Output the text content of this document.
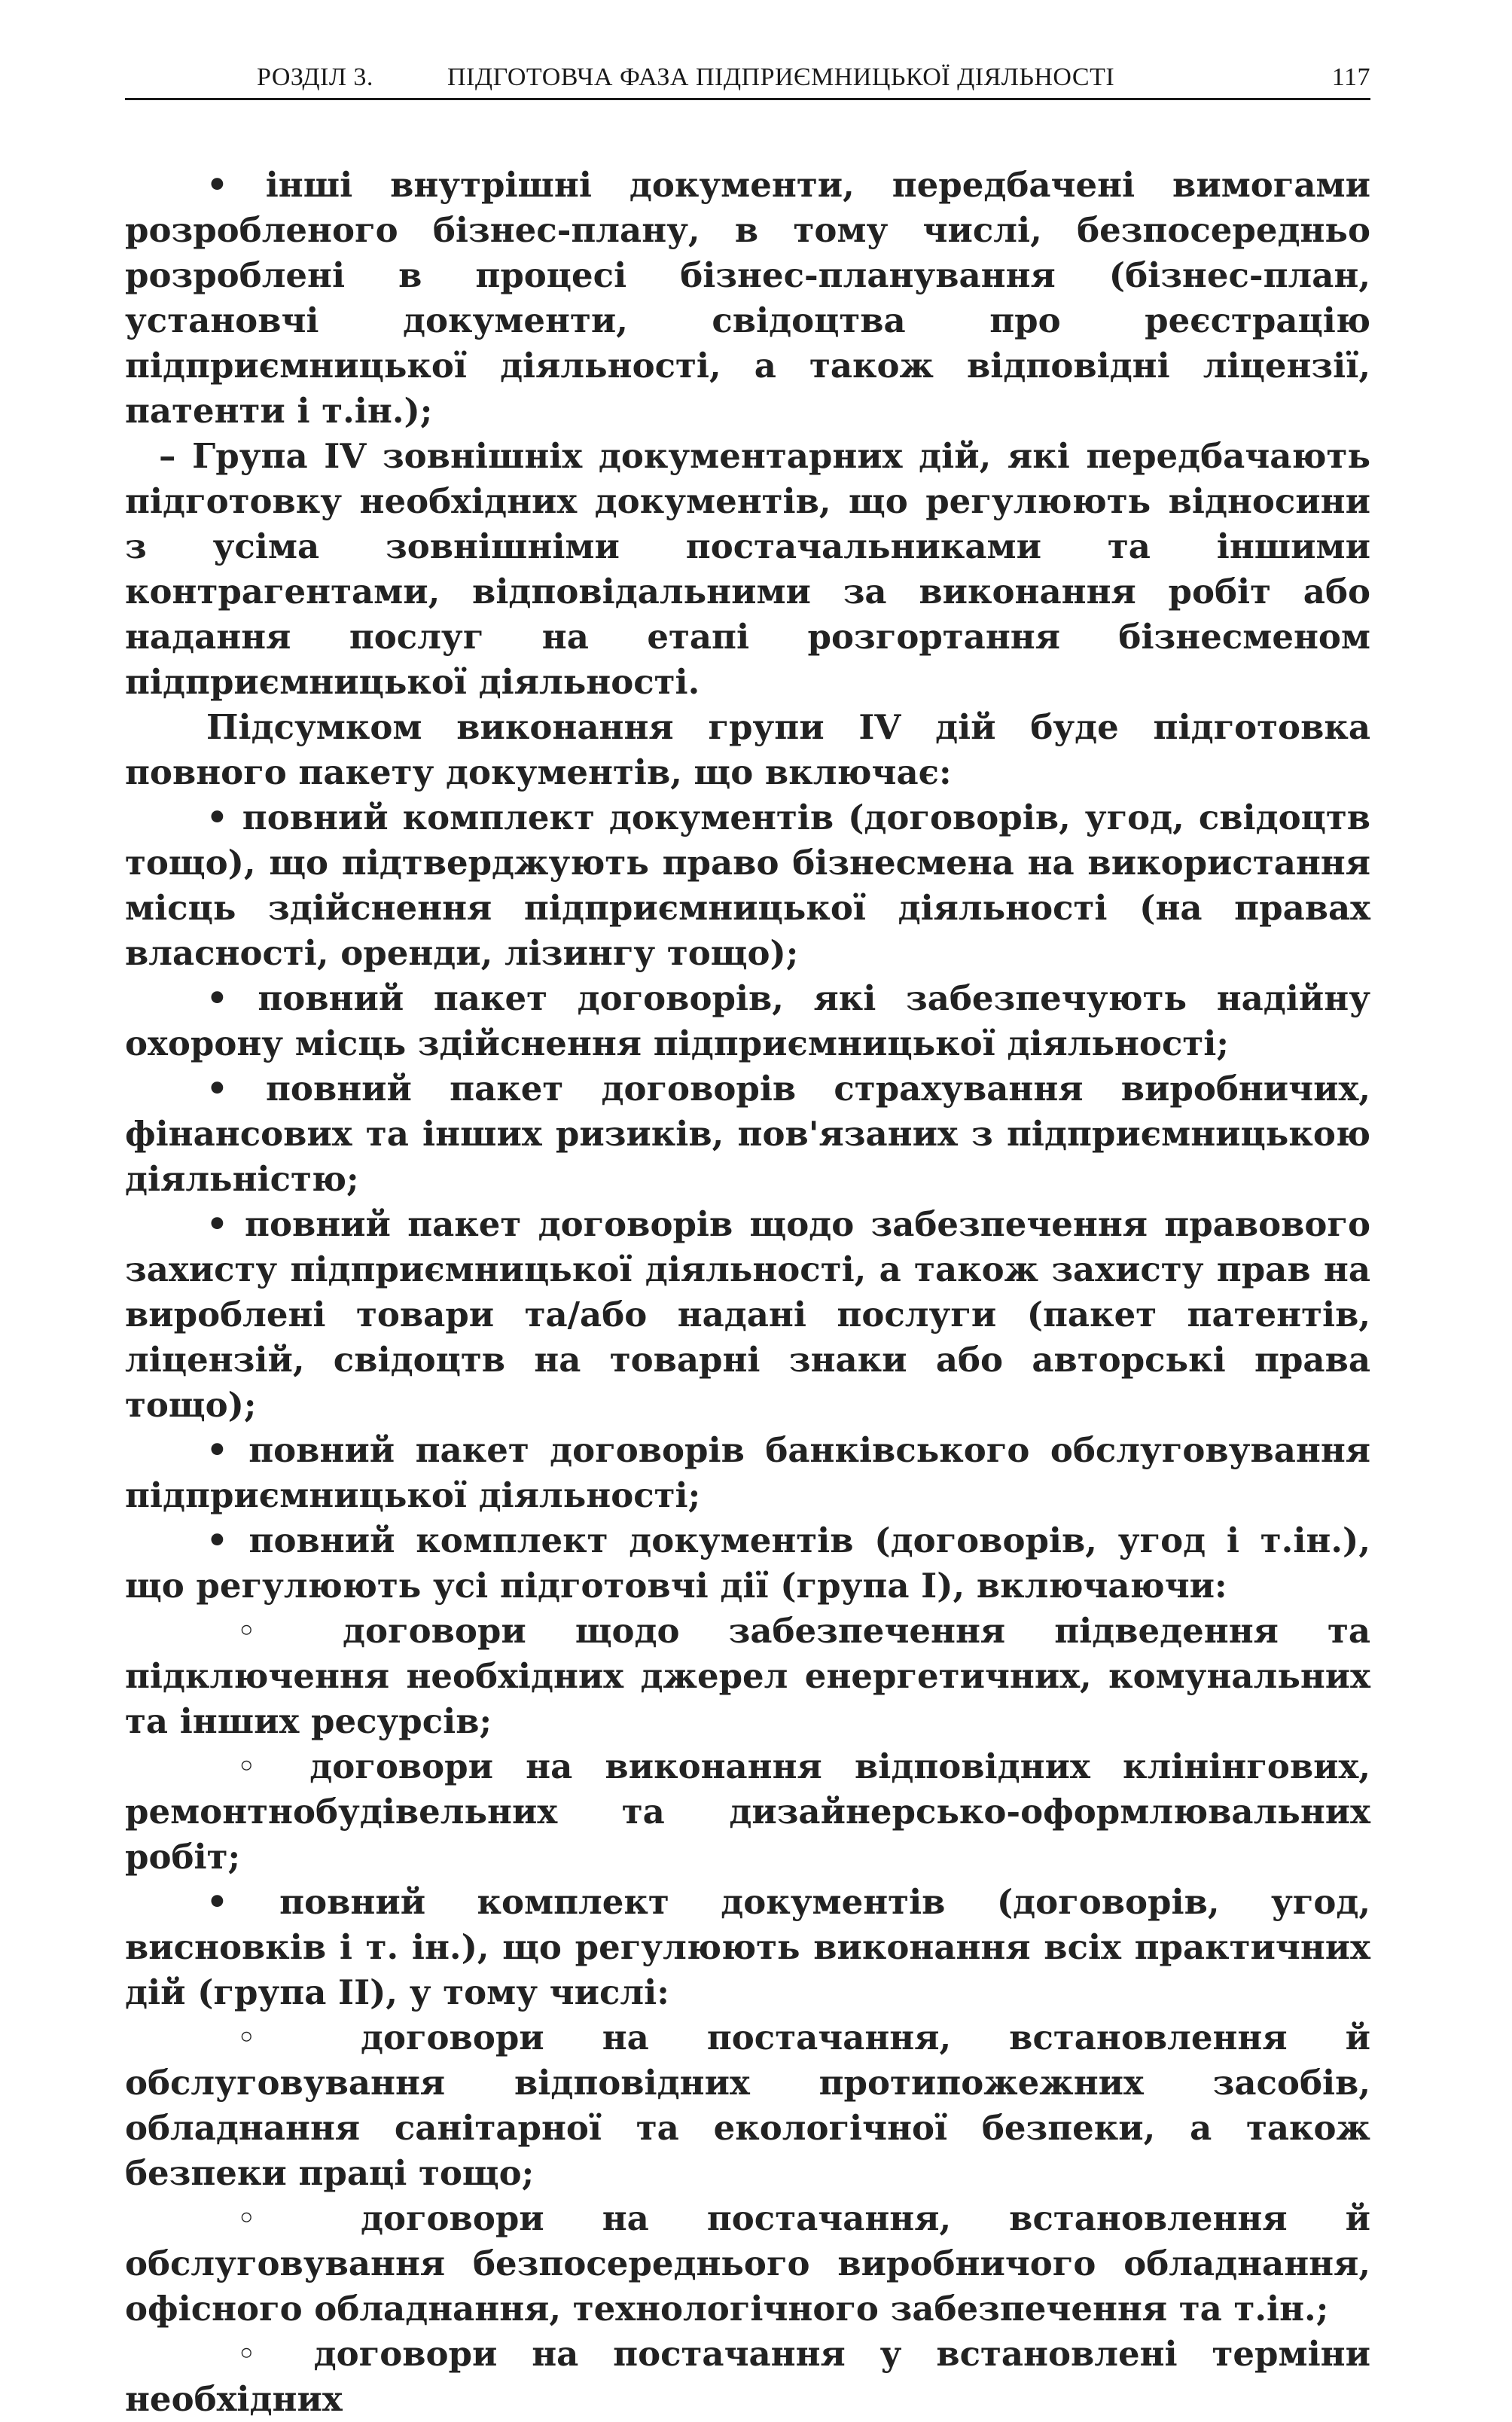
РОЗДІЛ 3.	ПІДГОТОВЧА ФАЗА ПІДПРИЄМНИЦЬКОЇ ДІЯЛЬНОСТІ	117

• інші внутрішні документи, передбачені вимогами розробленого бізнес-плану, в тому числі, безпосередньо розроблені в процесі бізнес-планування (бізнес-план, установчі документи, свідоцтва про реєстрацію підприємницької діяльності, а також відповідні ліцензії, патенти і т.ін.);

– Група IV зовнішніх документарних дій, які передбачають підготовку необхідних документів, що регулюють відносини з усіма зовнішніми постачальниками та іншими контрагентами, відповідальними за виконання робіт або надання послуг на етапі розгортання бізнесменом підприємницької діяльності.

Підсумком виконання групи IV дій буде підготовка повного пакету документів, що включає:

• повний комплект документів (договорів, угод, свідоцтв тощо), що підтверджують право бізнесмена на використання місць здійснення підприємницької діяльності (на правах власності, оренди, лізингу тощо);

• повний пакет договорів, які забезпечують надійну охорону місць здійснення підприємницької діяльності;

• повний пакет договорів страхування виробничих, фінансових та інших ризиків, пов'язаних з підприємницькою діяльністю;

• повний пакет договорів щодо забезпечення правового захисту підприємницької діяльності, а також захисту прав на вироблені товари та/або надані послуги (пакет патентів, ліцензій, свідоцтв на товарні знаки або авторські права тощо);

• повний пакет договорів банківського обслуговування підприємницької діяльності;

• повний комплект документів (договорів, угод і т.ін.), що регулюють усі підготовчі дії (група I), включаючи:

◦ договори щодо забезпечення підведення та підключення необхідних джерел енергетичних, комунальних та інших ресурсів;

◦ договори на виконання відповідних клінінгових, ремонтнобудівельних та дизайнерсько-оформлювальних робіт;

• повний комплект документів (договорів, угод, висновків і т. ін.), що регулюють виконання всіх практичних дій (група II), у тому числі:

◦ договори на постачання, встановлення й обслуговування відповідних протипожежних засобів, обладнання санітарної та екологічної безпеки, а також безпеки праці тощо;

◦ договори на постачання, встановлення й обслуговування безпосереднього виробничого обладнання, офісного обладнання, технологічного забезпечення та т.ін.;

◦ договори на постачання у встановлені терміни необхідних
